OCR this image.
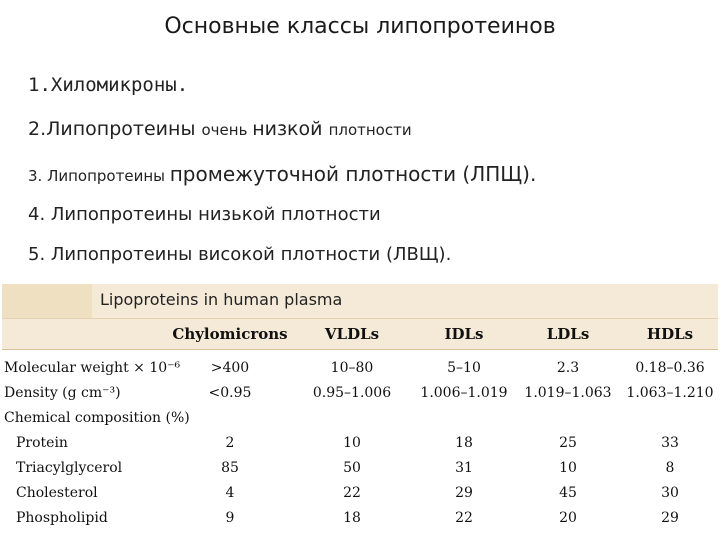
Основные классы липопротеинов
1.Хиломикроны.
2.Липопротеины очень низкой плотности
3. Липопротеины промежуточной плотности (ЛПЩ).
4. Липопротеины низькой плотности
5. Липопротеины високой плотности (ЛВЩ).
Lipoproteins in human plasma
Chylomicrons	VLDLs	IDLs	LDLs	HDLs
Molecular weight × 10⁻⁶	>400	10–80	5–10	2.3	0.18–0.36
Density (g cm⁻³)	<0.95	0.95–1.006	1.006–1.019	1.019–1.063	1.063–1.210
Chemical composition (%)
Protein	2	10	18	25	33
Triacylglycerol	85	50	31	10	8
Cholesterol	4	22	29	45	30
Phospholipid	9	18	22	20	29
